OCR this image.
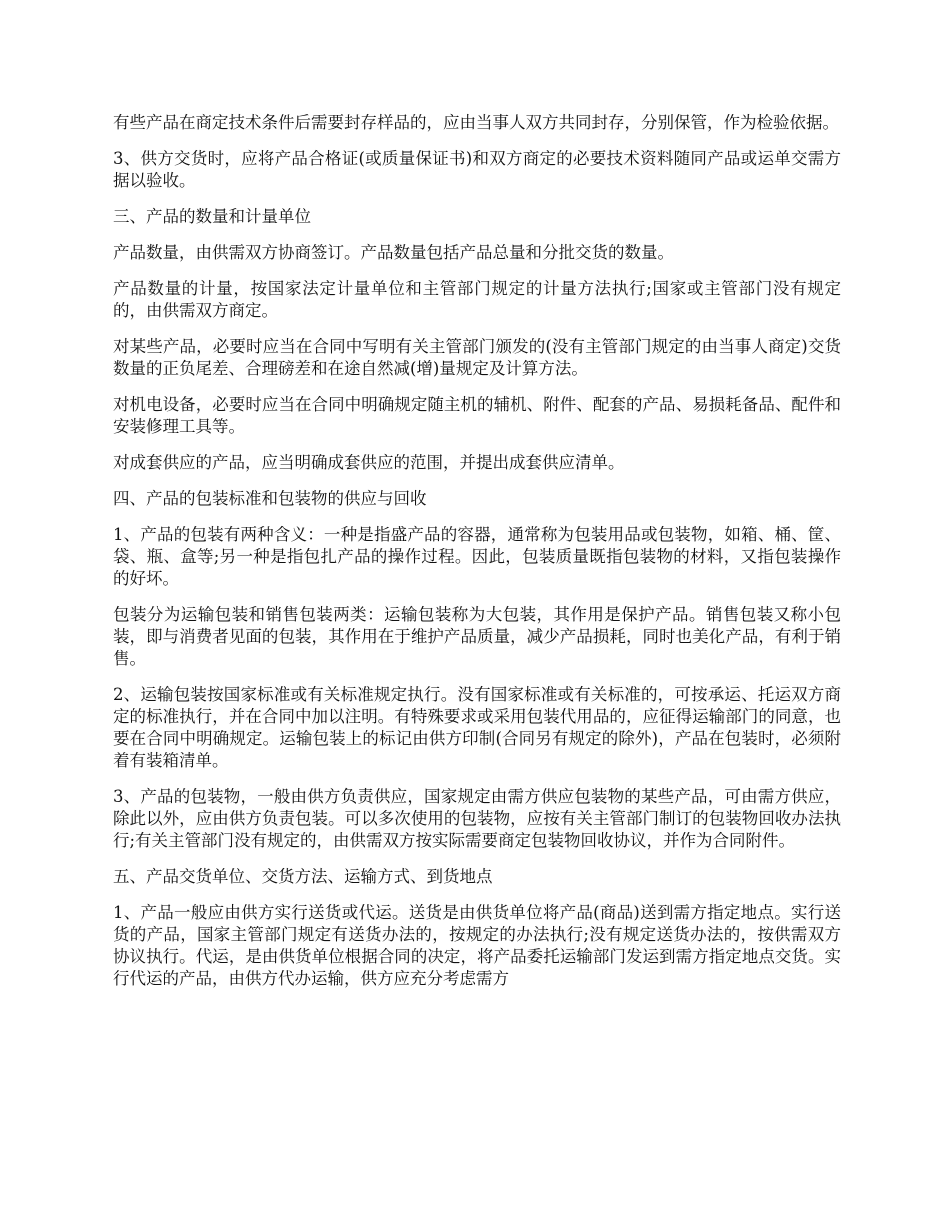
有些产品在商定技术条件后需要封存样品的，应由当事人双方共同封存，分别保管，作为检验依据。

3、供方交货时，应将产品合格证(或质量保证书)和双方商定的必要技术资料随同产品或运单交需方据以验收。

三、产品的数量和计量单位

产品数量，由供需双方协商签订。产品数量包括产品总量和分批交货的数量。

产品数量的计量，按国家法定计量单位和主管部门规定的计量方法执行;国家或主管部门没有规定的，由供需双方商定。

对某些产品，必要时应当在合同中写明有关主管部门颁发的(没有主管部门规定的由当事人商定)交货数量的正负尾差、合理磅差和在途自然减(增)量规定及计算方法。

对机电设备，必要时应当在合同中明确规定随主机的辅机、附件、配套的产品、易损耗备品、配件和安装修理工具等。

对成套供应的产品，应当明确成套供应的范围，并提出成套供应清单。

四、产品的包装标准和包装物的供应与回收

1、产品的包装有两种含义：一种是指盛产品的容器，通常称为包装用品或包装物，如箱、桶、筐、袋、瓶、盒等;另一种是指包扎产品的操作过程。因此，包装质量既指包装物的材料，又指包装操作的好坏。

包装分为运输包装和销售包装两类：运输包装称为大包装，其作用是保护产品。销售包装又称小包装，即与消费者见面的包装，其作用在于维护产品质量，减少产品损耗，同时也美化产品，有利于销售。

2、运输包装按国家标准或有关标准规定执行。没有国家标准或有关标准的，可按承运、托运双方商定的标准执行，并在合同中加以注明。有特殊要求或采用包装代用品的，应征得运输部门的同意，也要在合同中明确规定。运输包装上的标记由供方印制(合同另有规定的除外)，产品在包装时，必须附着有装箱清单。

3、产品的包装物，一般由供方负责供应，国家规定由需方供应包装物的某些产品，可由需方供应，除此以外，应由供方负责包装。可以多次使用的包装物，应按有关主管部门制订的包装物回收办法执行;有关主管部门没有规定的，由供需双方按实际需要商定包装物回收协议，并作为合同附件。

五、产品交货单位、交货方法、运输方式、到货地点

1、产品一般应由供方实行送货或代运。送货是由供货单位将产品(商品)送到需方指定地点。实行送货的产品，国家主管部门规定有送货办法的，按规定的办法执行;没有规定送货办法的，按供需双方协议执行。代运，是由供货单位根据合同的决定，将产品委托运输部门发运到需方指定地点交货。实行代运的产品，由供方代办运输，供方应充分考虑需方
